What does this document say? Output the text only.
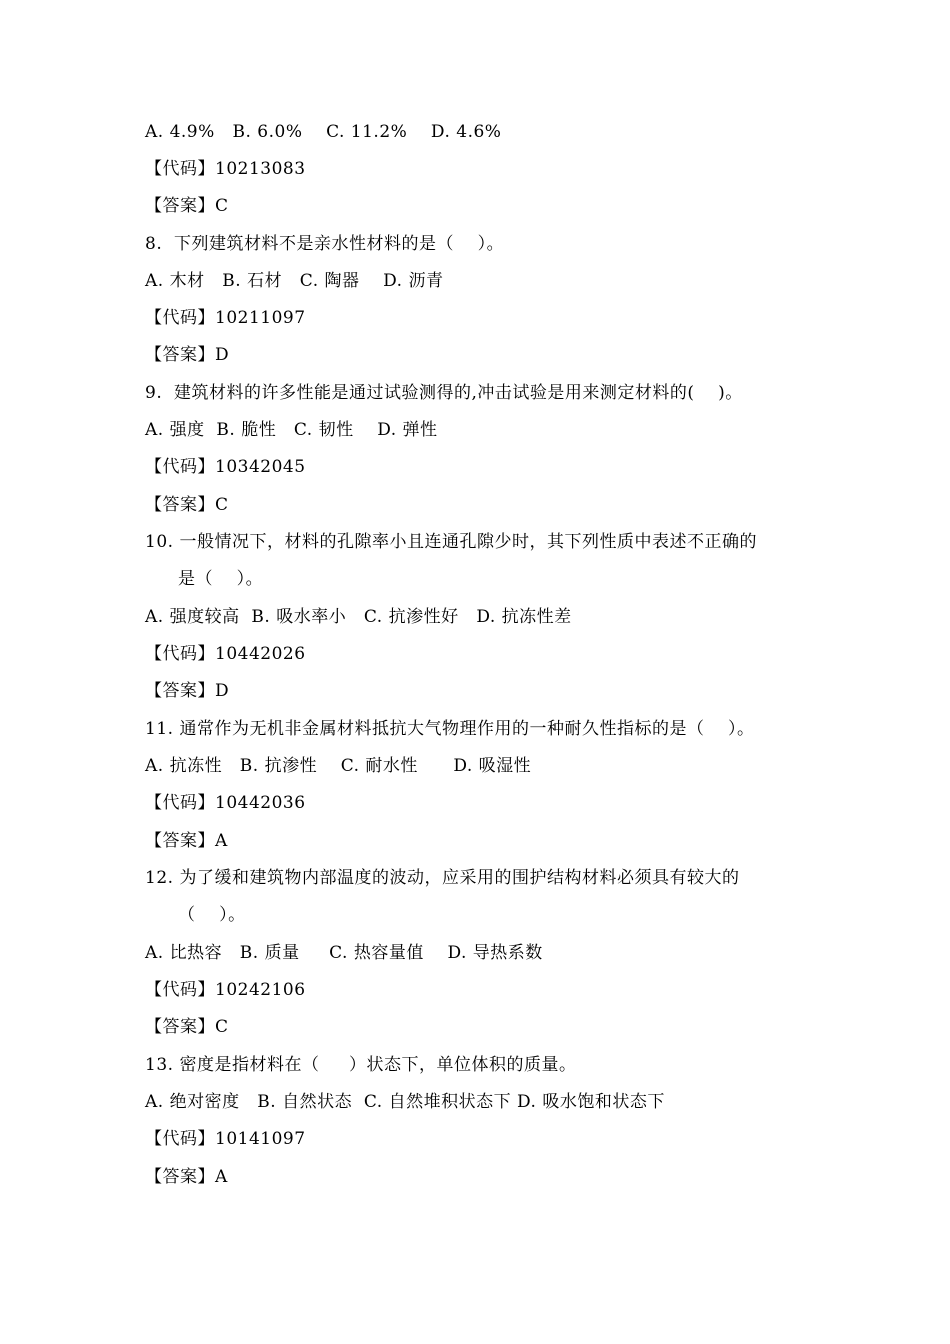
A. 4.9%   B. 6.0%    C. 11.2%    D. 4.6%
【代码】10213083
【答案】C
8.  下列建筑材料不是亲水性材料的是（    ）。
A. 木材   B. 石材   C. 陶器    D. 沥青
【代码】10211097
【答案】D
9.  建筑材料的许多性能是通过试验测得的,冲击试验是用来测定材料的(    )。
A. 强度  B. 脆性   C. 韧性    D. 弹性
【代码】10342045
【答案】C
10. 一般情况下，材料的孔隙率小且连通孔隙少时，其下列性质中表述不正确的
是（    ）。
A. 强度较高  B. 吸水率小   C. 抗渗性好   D. 抗冻性差
【代码】10442026
【答案】D
11. 通常作为无机非金属材料抵抗大气物理作用的一种耐久性指标的是（    ）。
A. 抗冻性   B. 抗渗性    C. 耐水性      D. 吸湿性
【代码】10442036
【答案】A
12. 为了缓和建筑物内部温度的波动，应采用的围护结构材料必须具有较大的
（    ）。
A. 比热容   B. 质量     C. 热容量值    D. 导热系数
【代码】10242106
【答案】C
13. 密度是指材料在（     ）状态下，单位体积的质量。
A. 绝对密度   B. 自然状态  C. 自然堆积状态下 D. 吸水饱和状态下
【代码】10141097
【答案】A
